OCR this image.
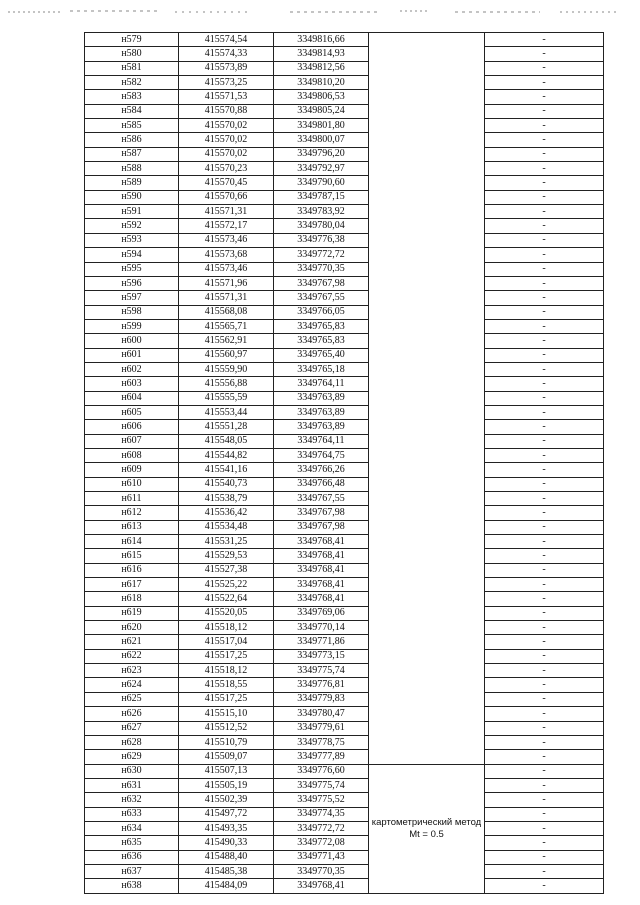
н579	415574,54	3349816,66		-
н580	415574,33	3349814,93		-
н581	415573,89	3349812,56		-
н582	415573,25	3349810,20		-
н583	415571,53	3349806,53		-
н584	415570,88	3349805,24		-
н585	415570,02	3349801,80		-
н586	415570,02	3349800,07		-
н587	415570,02	3349796,20		-
н588	415570,23	3349792,97		-
н589	415570,45	3349790,60		-
н590	415570,66	3349787,15		-
н591	415571,31	3349783,92		-
н592	415572,17	3349780,04		-
н593	415573,46	3349776,38		-
н594	415573,68	3349772,72		-
н595	415573,46	3349770,35		-
н596	415571,96	3349767,98		-
н597	415571,31	3349767,55		-
н598	415568,08	3349766,05		-
н599	415565,71	3349765,83		-
н600	415562,91	3349765,83		-
н601	415560,97	3349765,40		-
н602	415559,90	3349765,18		-
н603	415556,88	3349764,11		-
н604	415555,59	3349763,89		-
н605	415553,44	3349763,89		-
н606	415551,28	3349763,89		-
н607	415548,05	3349764,11		-
н608	415544,82	3349764,75		-
н609	415541,16	3349766,26		-
н610	415540,73	3349766,48		-
н611	415538,79	3349767,55		-
н612	415536,42	3349767,98		-
н613	415534,48	3349767,98		-
н614	415531,25	3349768,41		-
н615	415529,53	3349768,41		-
н616	415527,38	3349768,41		-
н617	415525,22	3349768,41		-
н618	415522,64	3349768,41		-
н619	415520,05	3349769,06		-
н620	415518,12	3349770,14		-
н621	415517,04	3349771,86		-
н622	415517,25	3349773,15		-
н623	415518,12	3349775,74		-
н624	415518,55	3349776,81		-
н625	415517,25	3349779,83		-
н626	415515,10	3349780,47		-
н627	415512,52	3349779,61		-
н628	415510,79	3349778,75		-
н629	415509,07	3349777,89		-
н630	415507,13	3349776,60	картометрический метод Mt = 0.5	-
н631	415505,19	3349775,74		-
н632	415502,39	3349775,52		-
н633	415497,72	3349774,35		-
н634	415493,35	3349772,72		-
н635	415490,33	3349772,08		-
н636	415488,40	3349771,43		-
н637	415485,38	3349770,35		-
н638	415484,09	3349768,41		-
